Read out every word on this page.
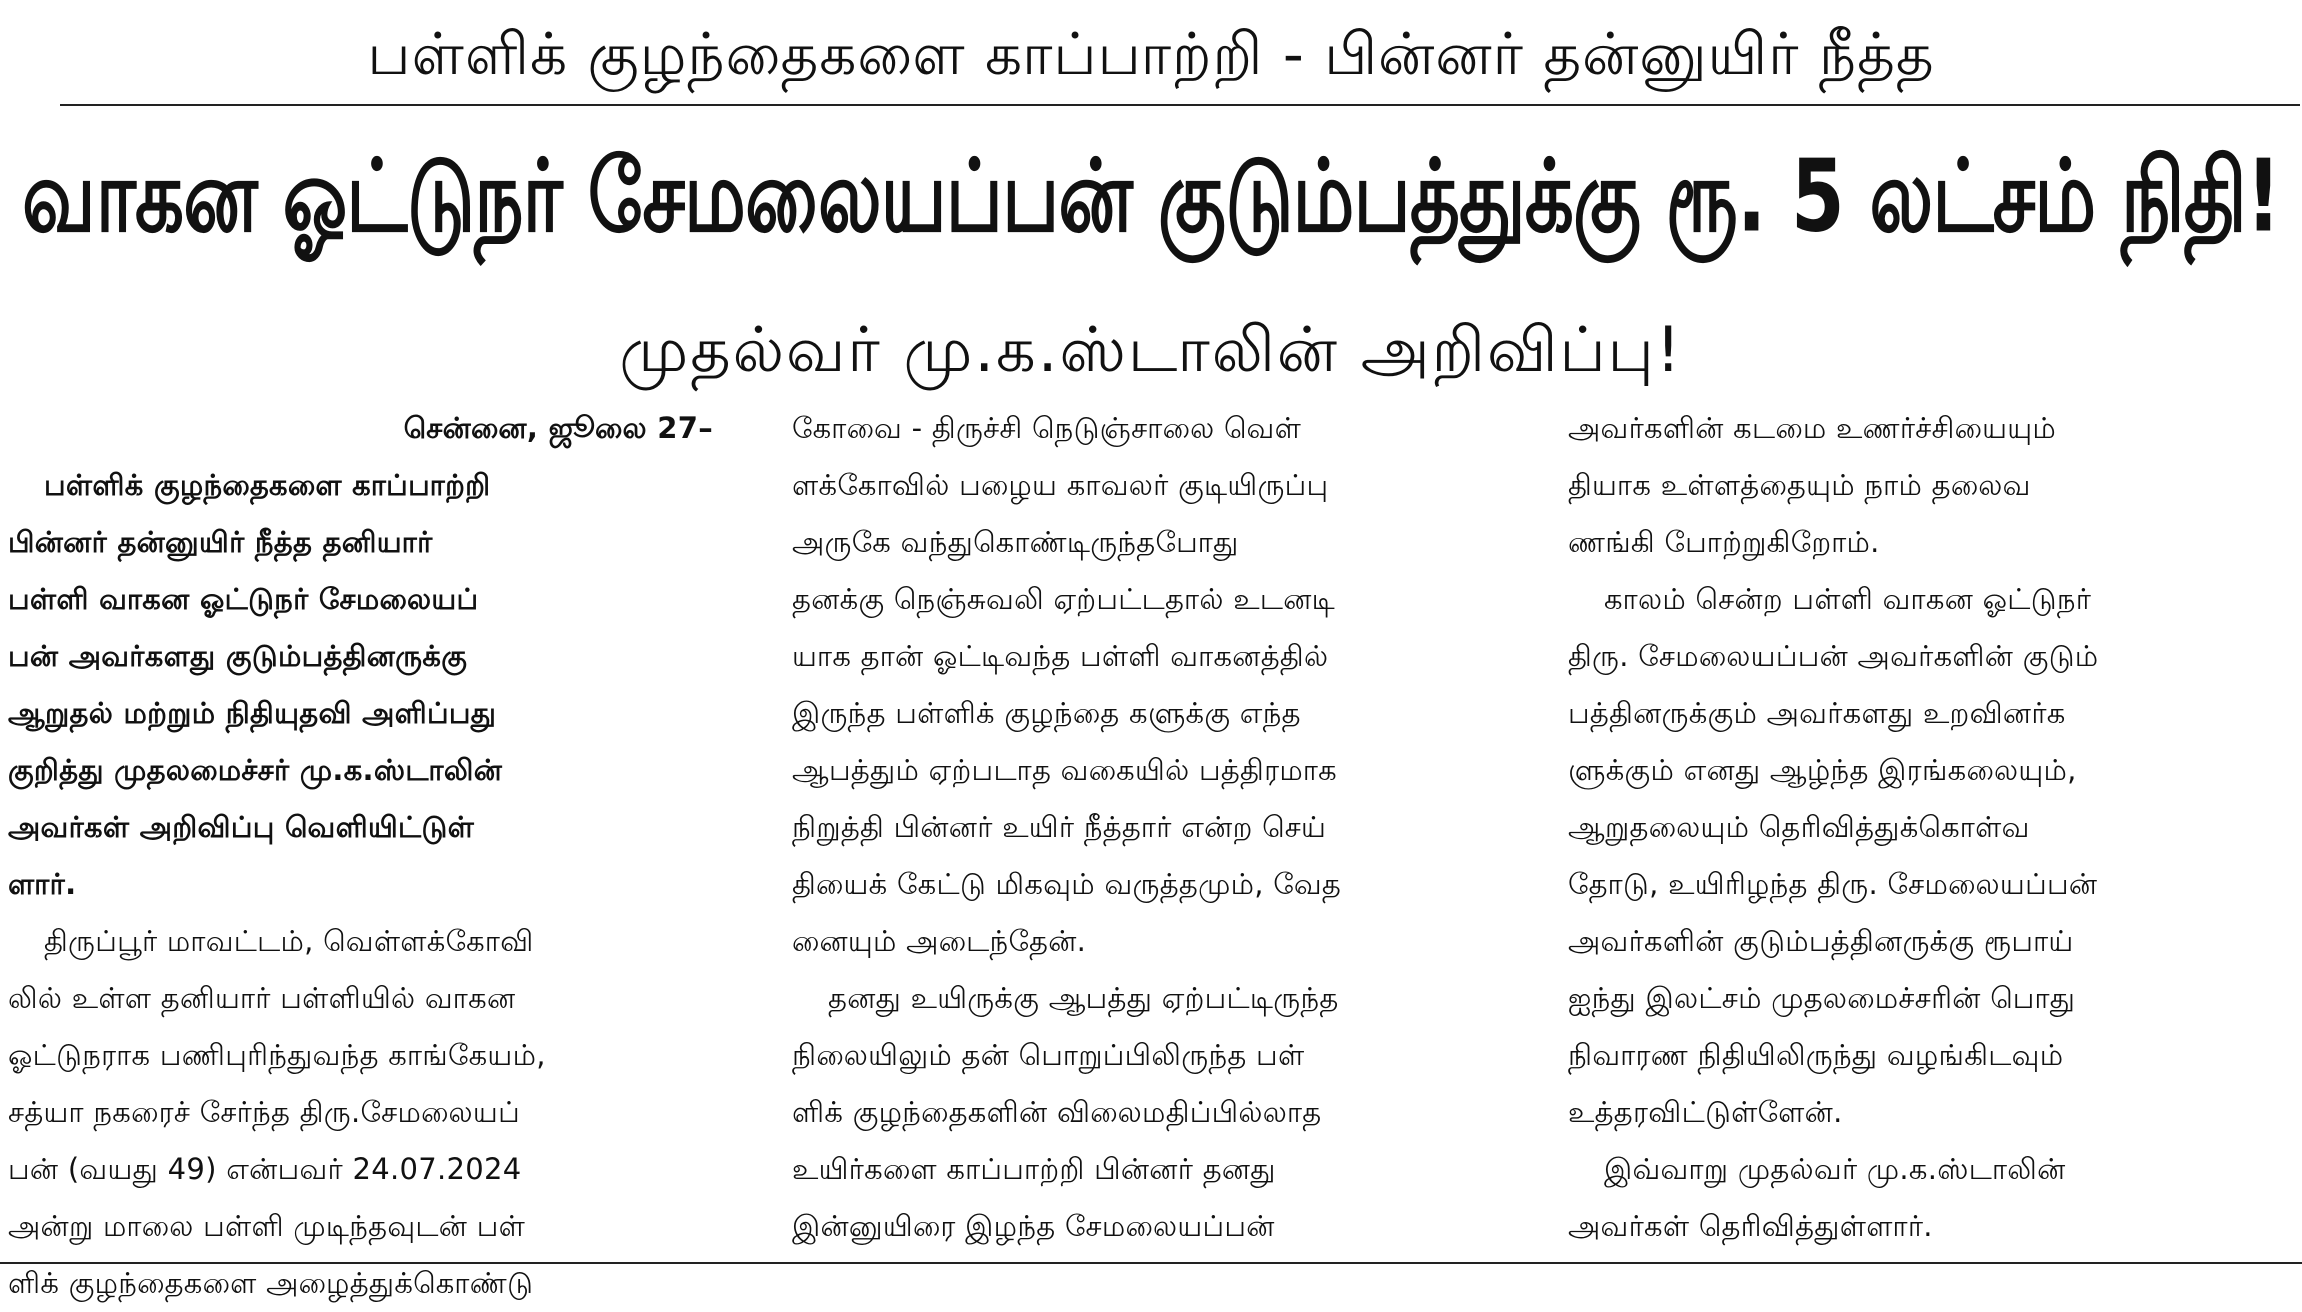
பள்ளிக் குழந்தைகளை காப்பாற்றி - பின்னர் தன்னுயிர் நீத்த
வாகன ஓட்டுநர் சேமலையப்பன் குடும்பத்துக்கு ரூ. 5 லட்சம் நிதி!
முதல்வர் மு.க.ஸ்டாலின் அறிவிப்பு!
சென்னை, ஜூலை 27–
பள்ளிக் குழந்தைகளை காப்பாற்றி
பின்னர் தன்னுயிர் நீத்த தனியார்
பள்ளி வாகன ஓட்டுநர் சேமலையப்
பன் அவர்களது குடும்பத்தினருக்கு
ஆறுதல் மற்றும் நிதியுதவி அளிப்பது
குறித்து முதலமைச்சர் மு.க.ஸ்டாலின்
அவர்கள் அறிவிப்பு வெளியிட்டுள்
ளார்.
திருப்பூர் மாவட்டம், வெள்ளக்கோவி
லில் உள்ள தனியார் பள்ளியில் வாகன
ஓட்டுநராக பணிபுரிந்துவந்த காங்கேயம்,
சத்யா நகரைச் சேர்ந்த திரு.சேமலையப்
பன் (வயது 49) என்பவர் 24.07.2024
அன்று மாலை பள்ளி முடிந்தவுடன் பள்
ளிக் குழந்தைகளை அழைத்துக்கொண்டு
கோவை - திருச்சி நெடுஞ்சாலை வெள்
ளக்கோவில் பழைய காவலர் குடியிருப்பு
அருகே வந்துகொண்டிருந்தபோது
தனக்கு நெஞ்சுவலி ஏற்பட்டதால் உடனடி
யாக தான் ஓட்டிவந்த பள்ளி வாகனத்தில்
இருந்த பள்ளிக் குழந்தை களுக்கு எந்த
ஆபத்தும் ஏற்படாத வகையில் பத்திரமாக
நிறுத்தி பின்னர் உயிர் நீத்தார் என்ற செய்
தியைக் கேட்டு மிகவும் வருத்தமும், வேத
னையும் அடைந்தேன்.
தனது உயிருக்கு ஆபத்து ஏற்பட்டிருந்த
நிலையிலும் தன் பொறுப்பிலிருந்த பள்
ளிக் குழந்தைகளின் விலைமதிப்பில்லாத
உயிர்களை காப்பாற்றி பின்னர் தனது
இன்னுயிரை இழந்த சேமலையப்பன்
அவர்களின் கடமை உணர்ச்சியையும்
தியாக உள்ளத்தையும் நாம் தலைவ
ணங்கி போற்றுகிறோம்.
காலம் சென்ற பள்ளி வாகன ஓட்டுநர்
திரு. சேமலையப்பன் அவர்களின் குடும்
பத்தினருக்கும் அவர்களது உறவினர்க
ளுக்கும் எனது ஆழ்ந்த இரங்கலையும்,
ஆறுதலையும் தெரிவித்துக்கொள்வ
தோடு, உயிரிழந்த திரு. சேமலையப்பன்
அவர்களின் குடும்பத்தினருக்கு ரூபாய்
ஐந்து இலட்சம் முதலமைச்சரின் பொது
நிவாரண நிதியிலிருந்து வழங்கிடவும்
உத்தரவிட்டுள்ளேன்.
இவ்வாறு முதல்வர் மு.க.ஸ்டாலின்
அவர்கள் தெரிவித்துள்ளார்.
